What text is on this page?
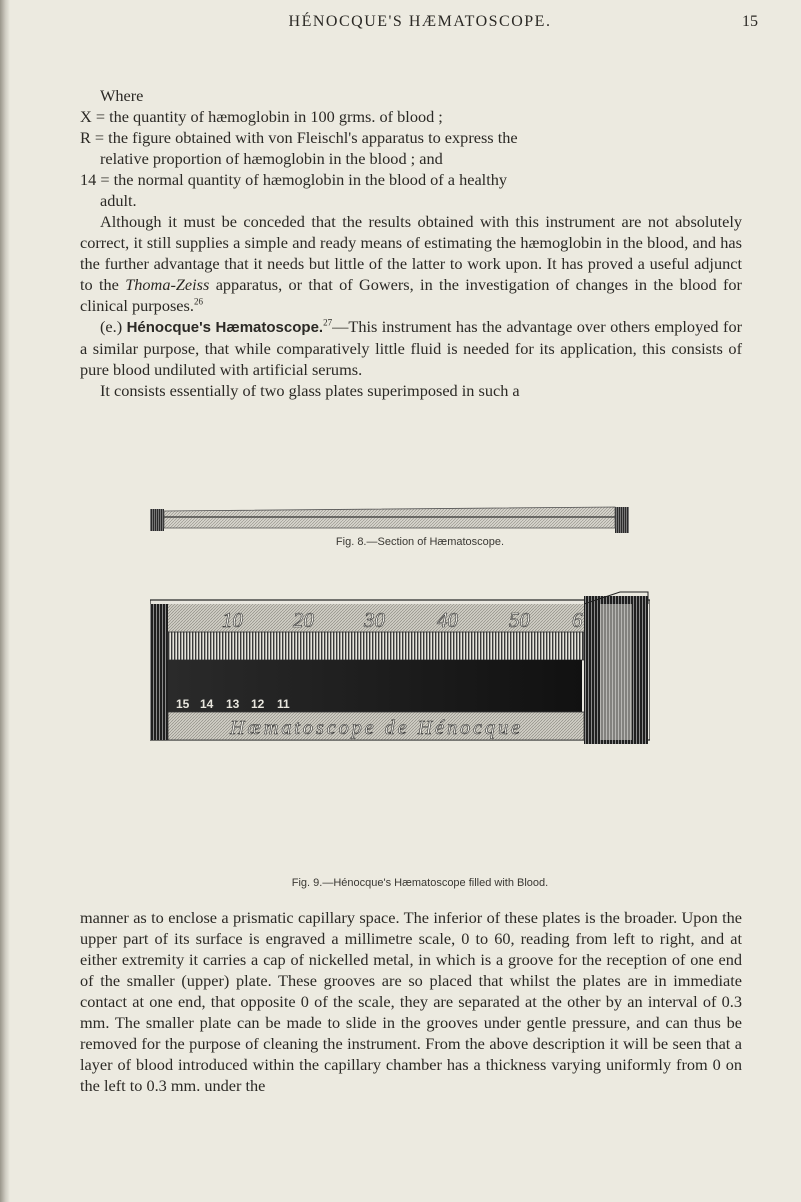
HÉNOCQUE'S HÆMATOSCOPE.	15
Where
X = the quantity of hæmoglobin in 100 grms. of blood ;
R = the figure obtained with von Fleischl's apparatus to express the
relative proportion of hæmoglobin in the blood ; and
14 = the normal quantity of hæmoglobin in the blood of a healthy
adult.

Although it must be conceded that the results obtained with this instrument are not absolutely correct, it still supplies a simple and ready means of estimating the hæmoglobin in the blood, and has the further advantage that it needs but little of the latter to work upon. It has proved a useful adjunct to the Thoma-Zeiss apparatus, or that of Gowers, in the investigation of changes in the blood for clinical purposes.$^{26}$
(e.) Hénocque's Hæmatoscope.$^{27}$—This instrument has the advantage over others employed for a similar purpose, that while comparatively little fluid is needed for its application, this consists of pure blood undiluted with artificial serums.
It consists essentially of two glass plates superimposed in such a

Fig. 8.—Section of Hæmatoscope.
10 20 30 40 50 6
15 14 13 12 11
Hæmatoscope de Hénocque
Fig. 9.—Hénocque's Hæmatoscope filled with Blood.

manner as to enclose a prismatic capillary space. The inferior of these plates is the broader. Upon the upper part of its surface is engraved a millimetre scale, 0 to 60, reading from left to right, and at either extremity it carries a cap of nickelled metal, in which is a groove for the reception of one end of the smaller (upper) plate. These grooves are so placed that whilst the plates are in immediate contact at one end, that opposite 0 of the scale, they are separated at the other by an interval of 0.3 mm. The smaller plate can be made to slide in the grooves under gentle pressure, and can thus be removed for the purpose of cleaning the instrument. From the above description it will be seen that a layer of blood introduced within the capillary chamber has a thickness varying uniformly from 0 on the left to 0.3 mm. under the
